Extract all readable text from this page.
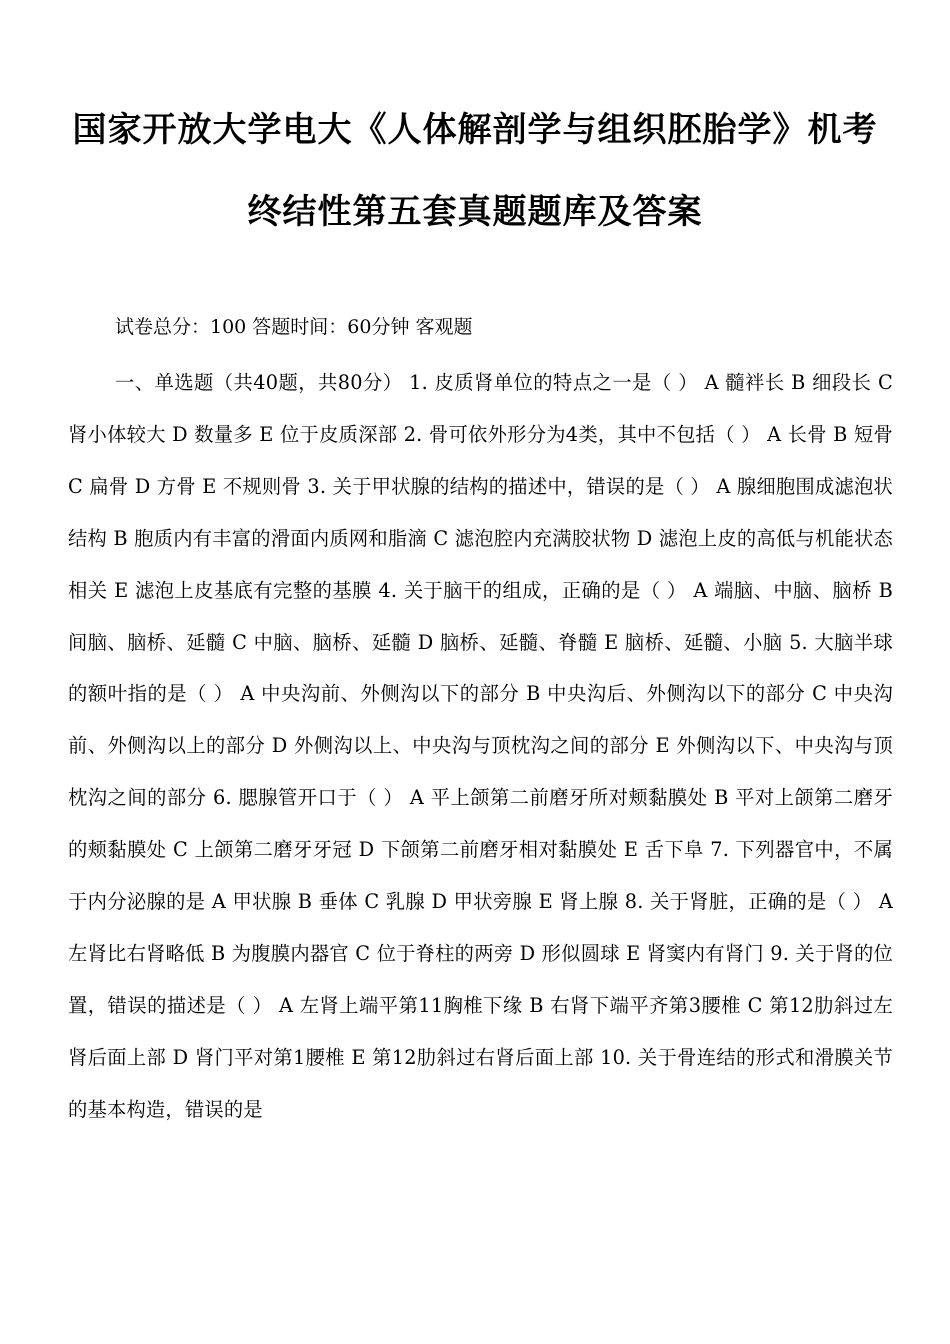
国家开放大学电大《人体解剖学与组织胚胎学》机考
终结性第五套真题题库及答案

试卷总分：100 答题时间：60分钟 客观题

一、单选题（共40题，共80分） 1. 皮质肾单位的特点之一是（ ） A 髓袢长 B 细段长 C 肾小体较大 D 数量多 E 位于皮质深部 2. 骨可依外形分为4类，其中不包括（ ） A 长骨 B 短骨 C 扁骨 D 方骨 E 不规则骨 3. 关于甲状腺的结构的描述中，错误的是（ ） A 腺细胞围成滤泡状结构 B 胞质内有丰富的滑面内质网和脂滴 C 滤泡腔内充满胶状物 D 滤泡上皮的高低与机能状态相关 E 滤泡上皮基底有完整的基膜 4. 关于脑干的组成，正确的是（ ） A 端脑、中脑、脑桥 B 间脑、脑桥、延髓 C 中脑、脑桥、延髓 D 脑桥、延髓、脊髓 E 脑桥、延髓、小脑 5. 大脑半球的额叶指的是（ ） A 中央沟前、外侧沟以下的部分 B 中央沟后、外侧沟以下的部分 C 中央沟前、外侧沟以上的部分 D 外侧沟以上、中央沟与顶枕沟之间的部分 E 外侧沟以下、中央沟与顶枕沟之间的部分 6. 腮腺管开口于（ ） A 平上颌第二前磨牙所对颊黏膜处 B 平对上颌第二磨牙的颊黏膜处 C 上颌第二磨牙牙冠 D 下颌第二前磨牙相对黏膜处 E 舌下阜 7. 下列器官中，不属于内分泌腺的是 A 甲状腺 B 垂体 C 乳腺 D 甲状旁腺 E 肾上腺 8. 关于肾脏，正确的是（ ） A 左肾比右肾略低 B 为腹膜内器官 C 位于脊柱的两旁 D 形似圆球 E 肾窦内有肾门 9. 关于肾的位置，错误的描述是（ ） A 左肾上端平第11胸椎下缘 B 右肾下端平齐第3腰椎 C 第12肋斜过左肾后面上部 D 肾门平对第1腰椎 E 第12肋斜过右肾后面上部 10. 关于骨连结的形式和滑膜关节的基本构造，错误的是
